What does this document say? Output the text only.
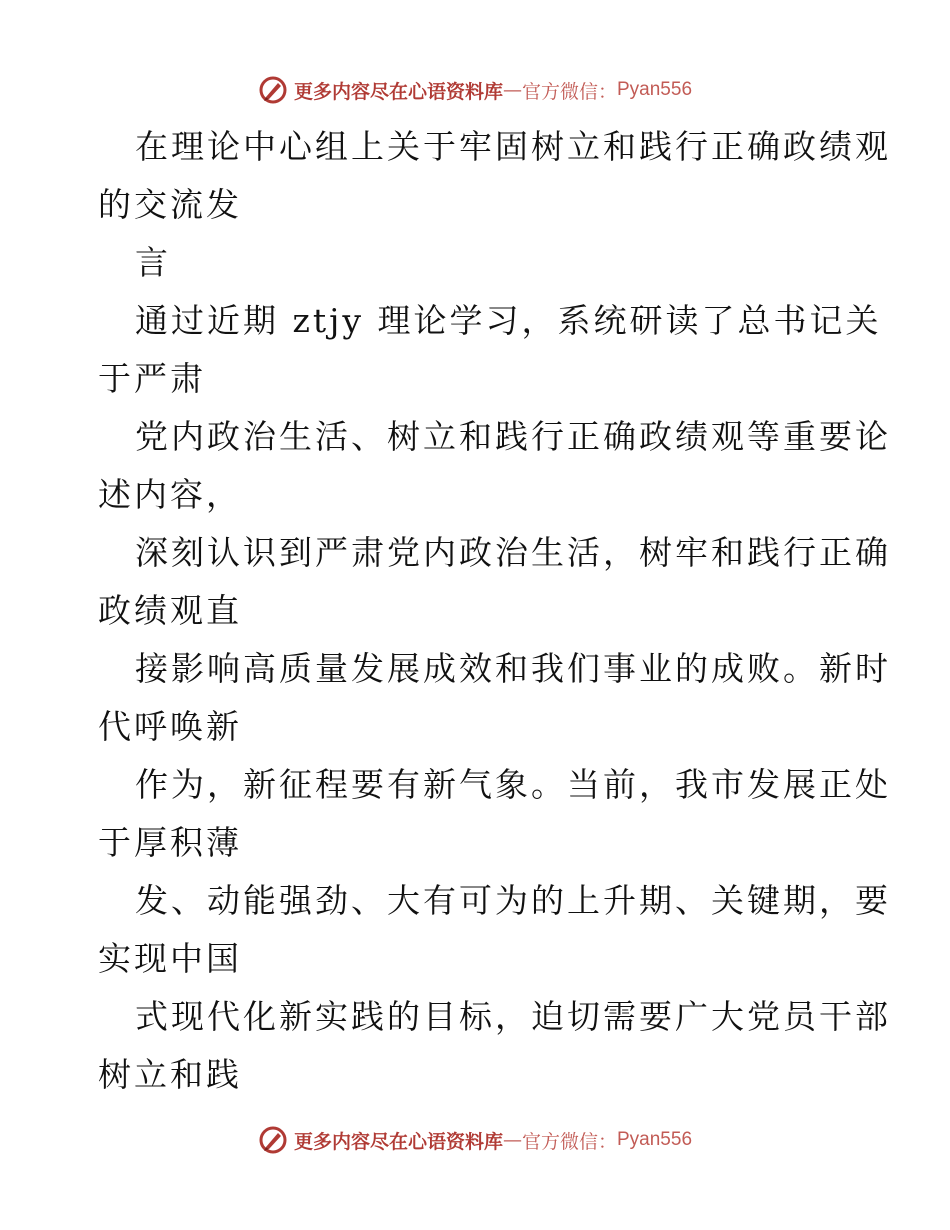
更多内容尽在心语资料库 — 官方微信： Pyan556
在理论中心组上关于牢固树立和践行正确政绩观
的交流发
言
通过近期 ztjy 理论学习，系统研读了总书记关
于严肃
党内政治生活、树立和践行正确政绩观等重要论
述内容，
深刻认识到严肃党内政治生活，树牢和践行正确
政绩观直
接影响高质量发展成效和我们事业的成败。新时
代呼唤新
作为，新征程要有新气象。当前，我市发展正处
于厚积薄
发、动能强劲、大有可为的上升期、关键期，要
实现中国
式现代化新实践的目标，迫切需要广大党员干部
树立和践
更多内容尽在心语资料库 — 官方微信： Pyan556
